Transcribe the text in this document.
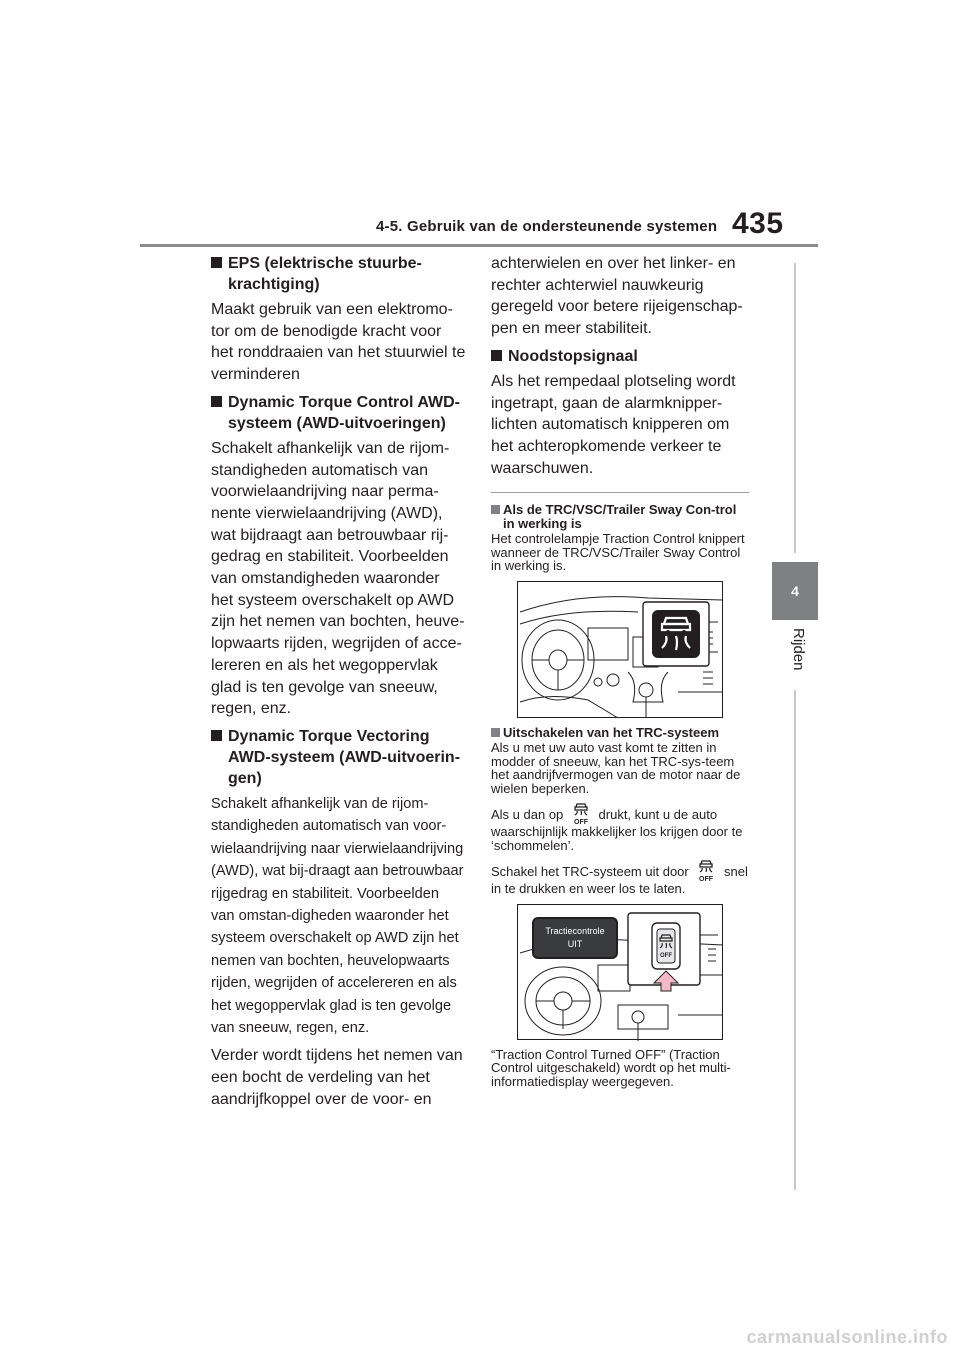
4-5. Gebruik van de ondersteunende systemen 435
4
Rijden
EPS (elektrische stuurbe-krachtiging)

Maakt gebruik van een elektromo-tor om de benodigde kracht voor het ronddraaien van het stuurwiel te verminderen

Dynamic Torque Control AWD-systeem (AWD-uitvoeringen)

Schakelt afhankelijk van de rijom-standigheden automatisch van voorwielaandrijving naar perma-nente vierwielaandrijving (AWD), wat bijdraagt aan betrouwbaar rij-gedrag en stabiliteit. Voorbeelden van omstandigheden waaronder het systeem overschakelt op AWD zijn het nemen van bochten, heuve-lopwaarts rijden, wegrijden of acce-lereren en als het wegoppervlak glad is ten gevolge van sneeuw, regen, enz.

Dynamic Torque Vectoring AWD-systeem (AWD-uitvoerin-gen)

Schakelt afhankelijk van de rijom-standigheden automatisch van voor-wielaandrijving naar vierwielaandrijving (AWD), wat bij-draagt aan betrouwbaar rijgedrag en stabiliteit. Voorbeelden van omstan-digheden waaronder het systeem overschakelt op AWD zijn het nemen van bochten, heuvelopwaarts rijden, wegrijden of accelereren en als het wegoppervlak glad is ten gevolge van sneeuw, regen, enz.

Verder wordt tijdens het nemen van een bocht de verdeling van het aandrijfkoppel over de voor- en

achterwielen en over het linker- en rechter achterwiel nauwkeurig geregeld voor betere rijeigenschap-pen en meer stabiliteit.

Noodstopsignaal

Als het rempedaal plotseling wordt ingetrapt, gaan de alarmknipper-lichten automatisch knipperen om het achteropkomende verkeer te waarschuwen.

Als de TRC/VSC/Trailer Sway Con-trol in werking is

Het controlelampje Traction Control knippert wanneer de TRC/VSC/Trailer Sway Control in werking is.

Uitschakelen van het TRC-systeem

Als u met uw auto vast komt te zitten in modder of sneeuw, kan het TRC-sys-teem het aandrijfvermogen van de motor naar de wielen beperken.

Als u dan op
OFF
drukt, kunt u de auto waarschijnlijk makkelijker los krijgen door te ‘schommelen’.

Schakel het TRC-systeem uit door
OFF
snel in te drukken en weer los te laten.

OFF
Tractiecontrole
UIT

“Traction Control Turned OFF” (Traction Control uitgeschakeld) wordt op het multi-informatiedisplay weergegeven.

carmanualsonline.info
